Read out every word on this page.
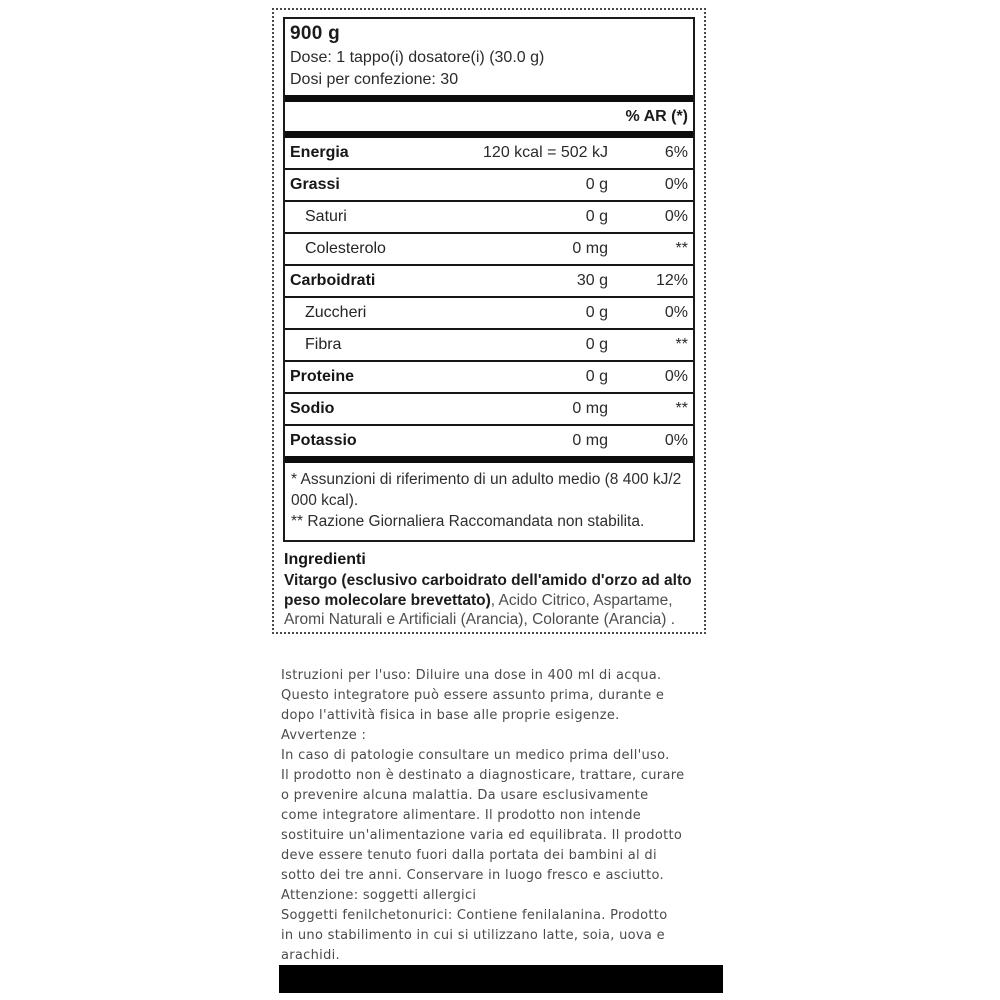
900 g
Dose: 1 tappo(i) dosatore(i) (30.0 g)
Dosi per confezione: 30
% AR (*)
Energia	120 kcal = 502 kJ	6%
Grassi	0 g	0%
Saturi	0 g	0%
Colesterolo	0 mg	**
Carboidrati	30 g	12%
Zuccheri	0 g	0%
Fibra	0 g	**
Proteine	0 g	0%
Sodio	0 mg	**
Potassio	0 mg	0%
* Assunzioni di riferimento di un adulto medio (8 400 kJ/2 000 kcal).
** Razione Giornaliera Raccomandata non stabilita.
Ingredienti
Vitargo (esclusivo carboidrato dell'amido d'orzo ad alto peso molecolare brevettato), Acido Citrico, Aspartame, Aromi Naturali e Artificiali (Arancia), Colorante (Arancia) .
Istruzioni per l'uso: Diluire una dose in 400 ml di acqua.
Questo integratore può essere assunto prima, durante e
dopo l'attività fisica in base alle proprie esigenze.
Avvertenze :
In caso di patologie consultare un medico prima dell'uso.
Il prodotto non è destinato a diagnosticare, trattare, curare
o prevenire alcuna malattia. Da usare esclusivamente
come integratore alimentare. Il prodotto non intende
sostituire un'alimentazione varia ed equilibrata. Il prodotto
deve essere tenuto fuori dalla portata dei bambini al di
sotto dei tre anni. Conservare in luogo fresco e asciutto.
Attenzione: soggetti allergici
Soggetti fenilchetonurici: Contiene fenilalanina. Prodotto
in uno stabilimento in cui si utilizzano latte, soia, uova e
arachidi.
